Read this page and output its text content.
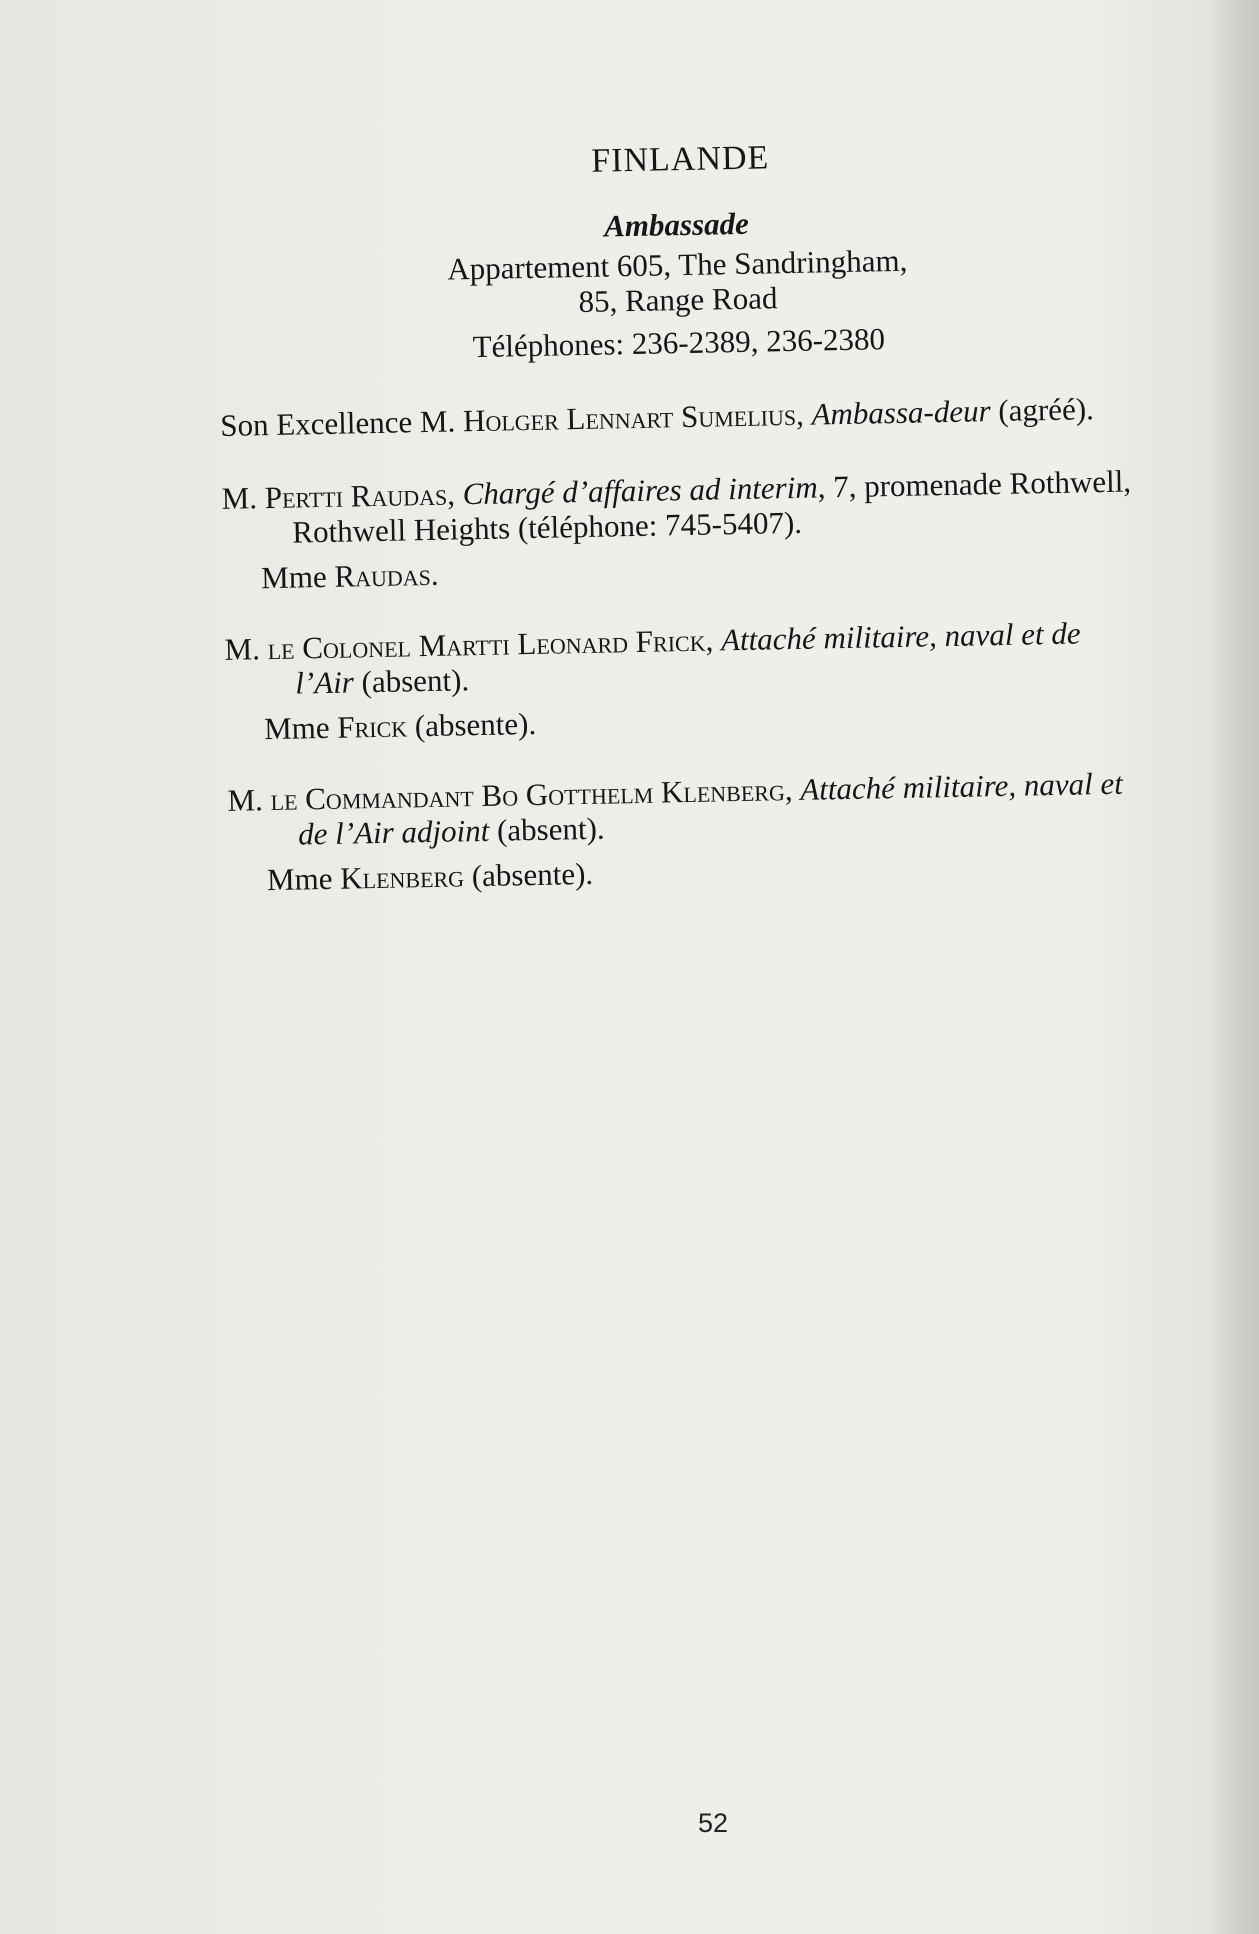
FINLANDE
Ambassade
Appartement 605, The Sandringham,
85, Range Road
Téléphones: 236-2389, 236-2380
Son Excellence M. Holger Lennart Sumelius, Ambassa-deur (agréé).
M. Pertti Raudas, Chargé d’affaires ad interim, 7, promenade Rothwell, Rothwell Heights (téléphone: 745-5407).
Mme Raudas.
M. le Colonel Martti Leonard Frick, Attaché militaire, naval et de l’Air (absent).
Mme Frick (absente).
M. le Commandant Bo Gotthelm Klenberg, Attaché militaire, naval et de l’Air adjoint (absent).
Mme Klenberg (absente).
52
